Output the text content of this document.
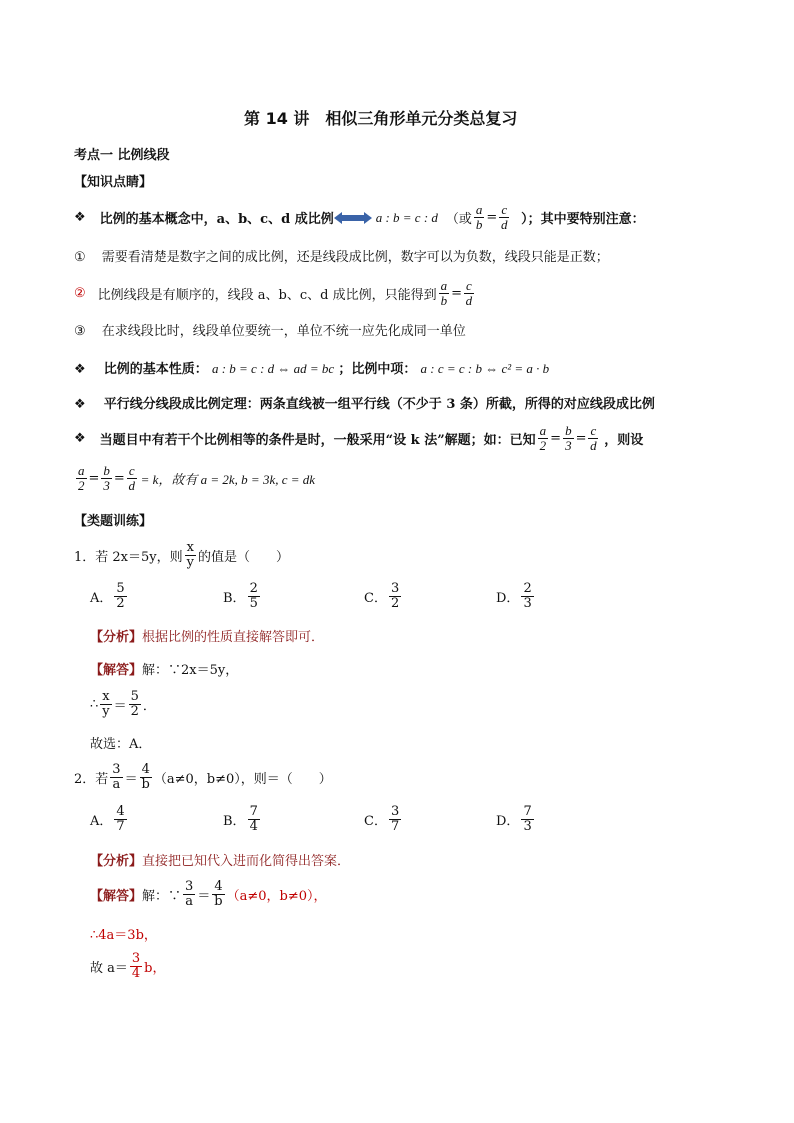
第 14 讲　相似三角形单元分类总复习
考点一 比例线段
【知识点睛】
❖ 比例的基本概念中，a、b、c、d 成比例	a : b = c : d （或 $\frac{a}{b} = \frac{c}{d}$ ）；其中要特别注意：
① 需要看清楚是数字之间的成比例，还是线段成比例，数字可以为负数，线段只能是正数；
② 比例线段是有顺序的，线段 a、b、c、d 成比例，只能得到 $\frac{a}{b} = \frac{c}{d}$
③ 在求线段比时，线段单位要统一，单位不统一应先化成同一单位
❖ 比例的基本性质： a : b = c : d ⇔ ad = bc ；比例中项： a : c = c : b ⇔ c² = a · b
❖ 平行线分线段成比例定理：两条直线被一组平行线（不少于 3 条）所截，所得的对应线段成比例
❖ 当题目中有若干个比例相等的条件是时，一般采用“设 k 法”解题；如：已知 $\frac{a}{2} = \frac{b}{3} = \frac{c}{d}$ ，则设
$\frac{a}{2} = \frac{b}{3} = \frac{c}{d} = k$，故有 a = 2k, b = 3k, c = dk
【类题训练】
1．若 2x＝5y，则 $\frac{x}{y}$ 的值是（　　）
A． $\frac{5}{2}$	B． $\frac{2}{5}$	C． $\frac{3}{2}$	D． $\frac{2}{3}$
【分析】根据比例的性质直接解答即可．
【解答】解：∵2x＝5y，
∴ $\frac{x}{y} = \frac{5}{2}$ ．
故选：A．
2．若 $\frac{3}{a} = \frac{4}{b} (a\ne 0$，b≠0），则＝（　　）
A． $\frac{4}{7}$	B． $\frac{7}{4}$	C． $\frac{3}{7}$	D． $\frac{7}{3}$
【分析】直接把已知代入进而化简得出答案．
【解答】 解：∵ $\frac{3}{a} = \frac{4}{b} (a\ne 0$，b≠0），
∴4a＝3b，
故 $a= \frac{3}{4}$ b，
